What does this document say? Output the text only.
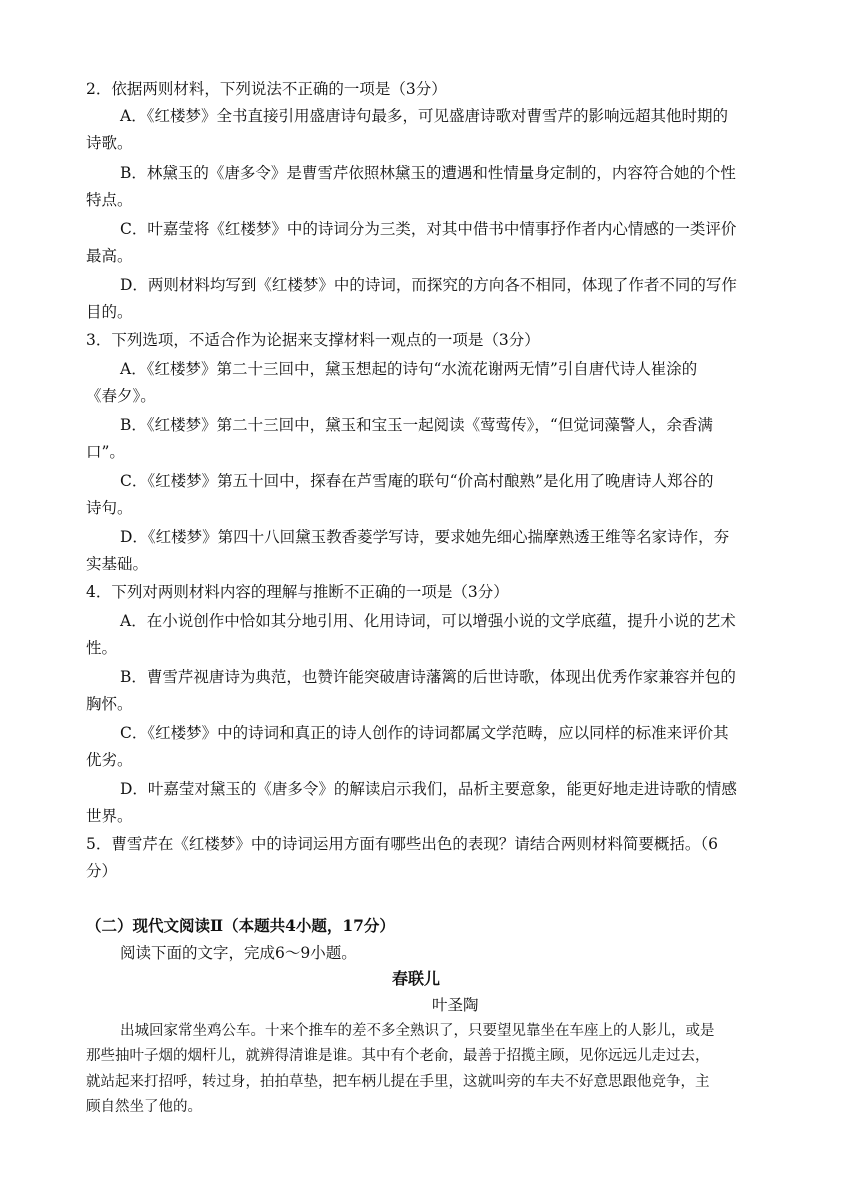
2．依据两则材料，下列说法不正确的一项是（3分）
A．《红楼梦》全书直接引用盛唐诗句最多，可见盛唐诗歌对曹雪芹的影响远超其他时期的
诗歌。
B．林黛玉的《唐多令》是曹雪芹依照林黛玉的遭遇和性情量身定制的，内容符合她的个性
特点。
C．叶嘉莹将《红楼梦》中的诗词分为三类，对其中借书中情事抒作者内心情感的一类评价
最高。
D．两则材料均写到《红楼梦》中的诗词，而探究的方向各不相同，体现了作者不同的写作
目的。
3．下列选项，不适合作为论据来支撑材料一观点的一项是（3分）
A．《红楼梦》第二十三回中，黛玉想起的诗句“水流花谢两无情”引自唐代诗人崔涂的
《春夕》。
B．《红楼梦》第二十三回中，黛玉和宝玉一起阅读《莺莺传》，“但觉词藻警人，余香满
口”。
C．《红楼梦》第五十回中，探春在芦雪庵的联句“价高村酿熟”是化用了晚唐诗人郑谷的
诗句。
D．《红楼梦》第四十八回黛玉教香菱学写诗，要求她先细心揣摩熟透王维等名家诗作，夯
实基础。
4．下列对两则材料内容的理解与推断不正确的一项是（3分）
A．在小说创作中恰如其分地引用、化用诗词，可以增强小说的文学底蕴，提升小说的艺术
性。
B．曹雪芹视唐诗为典范，也赞许能突破唐诗藩篱的后世诗歌，体现出优秀作家兼容并包的
胸怀。
C．《红楼梦》中的诗词和真正的诗人创作的诗词都属文学范畴，应以同样的标准来评价其
优劣。
D．叶嘉莹对黛玉的《唐多令》的解读启示我们，品析主要意象，能更好地走进诗歌的情感
世界。
5．曹雪芹在《红楼梦》中的诗词运用方面有哪些出色的表现？请结合两则材料简要概括。（6
分）
（二）现代文阅读Ⅱ（本题共4小题，17分）
阅读下面的文字，完成6～9小题。
春联儿
叶圣陶
出城回家常坐鸡公车。十来个推车的差不多全熟识了，只要望见靠坐在车座上的人影儿，或是
那些抽叶子烟的烟杆儿，就辨得清谁是谁。其中有个老俞，最善于招揽主顾，见你远远儿走过去，
就站起来打招呼，转过身，拍拍草垫，把车柄儿提在手里，这就叫旁的车夫不好意思跟他竞争，主
顾自然坐了他的。
